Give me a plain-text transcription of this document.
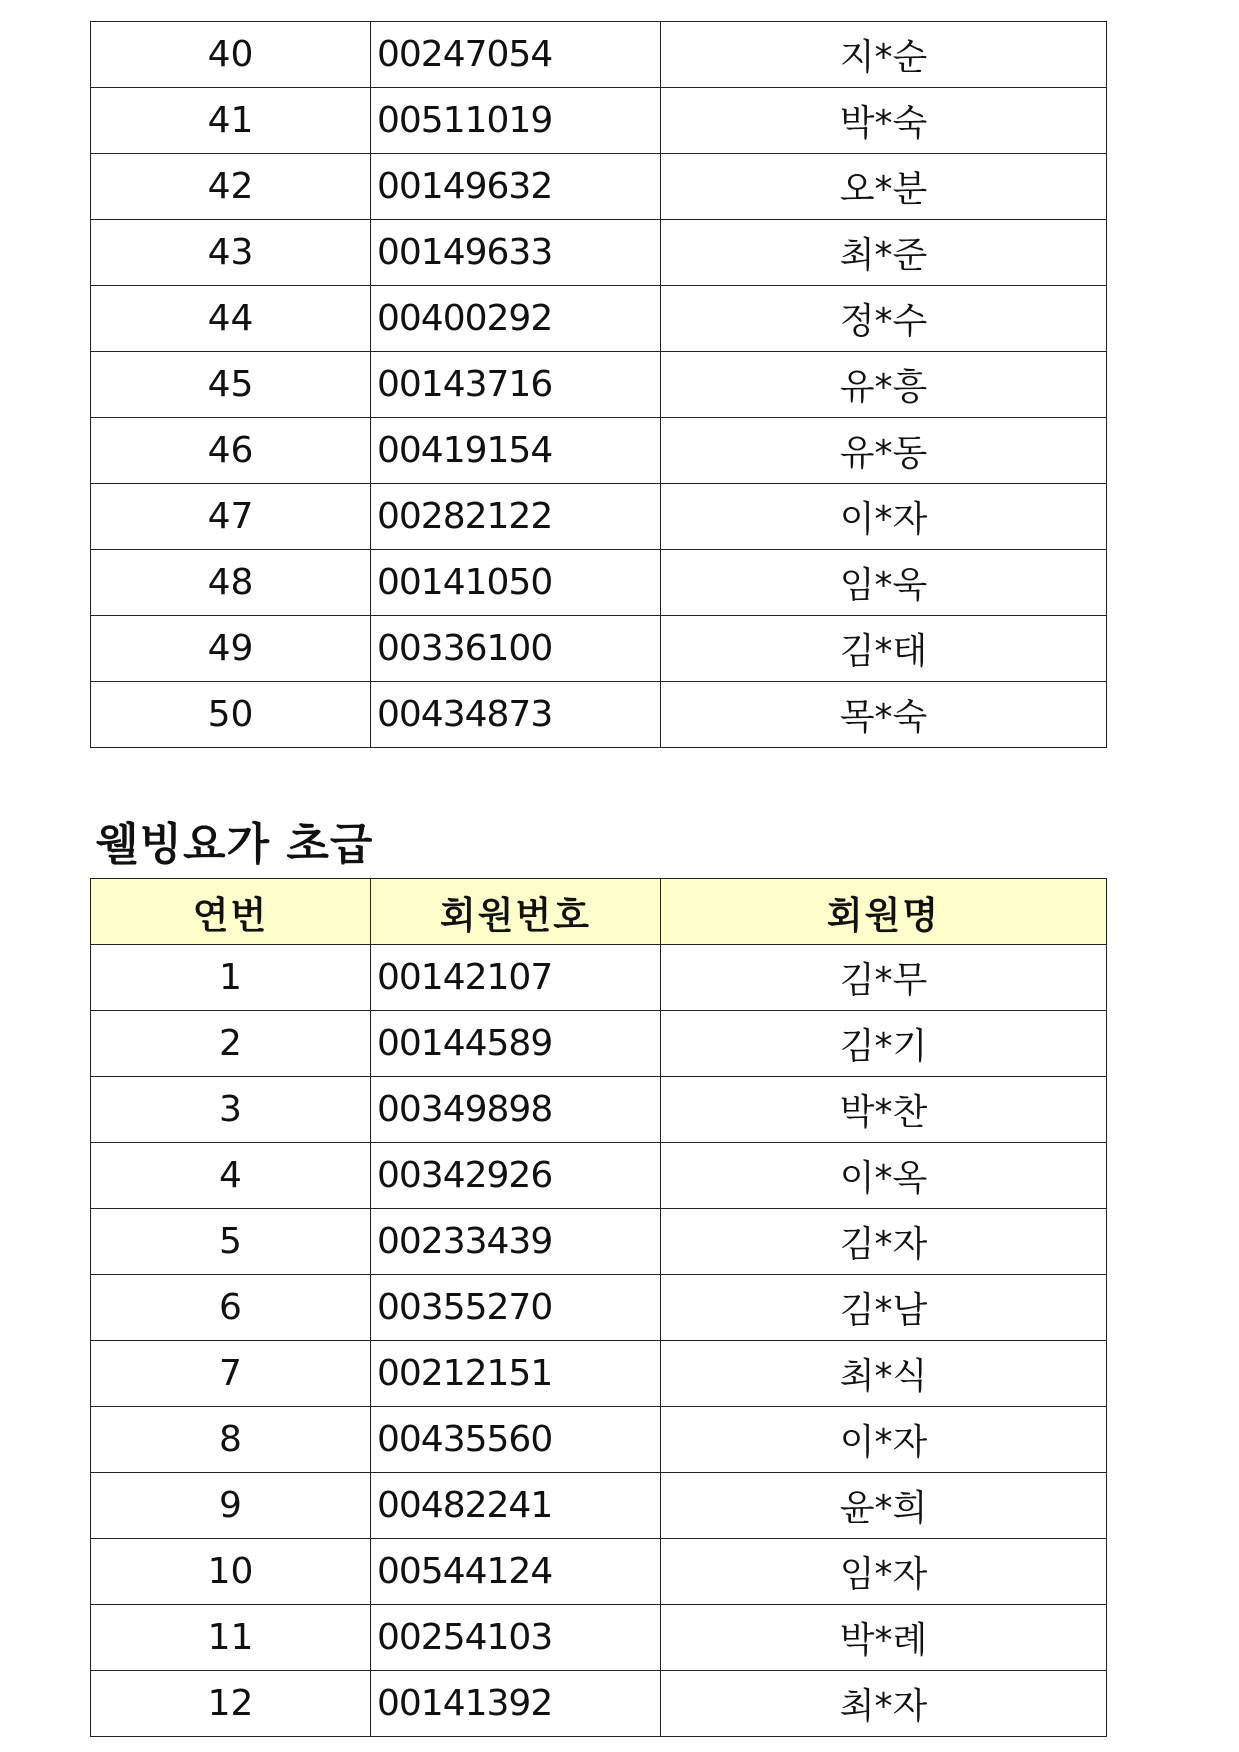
40	00247054	지*순
41	00511019	박*숙
42	00149632	오*분
43	00149633	최*준
44	00400292	정*수
45	00143716	유*흥
46	00419154	유*동
47	00282122	이*자
48	00141050	임*욱
49	00336100	김*태
50	00434873	목*숙
웰빙요가 초급
연번	회원번호	회원명
1	00142107	김*무
2	00144589	김*기
3	00349898	박*찬
4	00342926	이*옥
5	00233439	김*자
6	00355270	김*남
7	00212151	최*식
8	00435560	이*자
9	00482241	윤*희
10	00544124	임*자
11	00254103	박*례
12	00141392	최*자
